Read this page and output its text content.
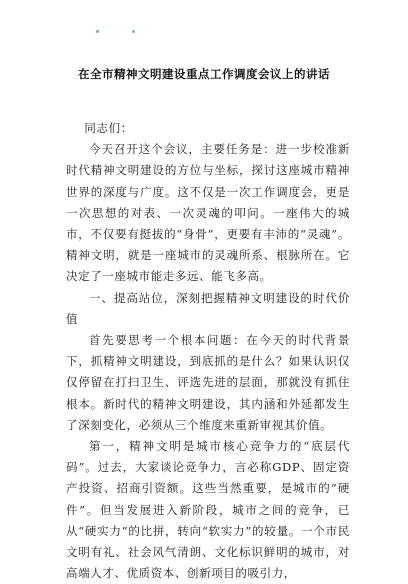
在全市精神文明建设重点工作调度会议上的讲话

同志们：

今天召开这个会议，主要任务是：进一步校准新时代精神文明建设的方位与坐标，探讨这座城市精神世界的深度与广度。这不仅是一次工作调度会，更是一次思想的对表、一次灵魂的叩问。一座伟大的城市，不仅要有挺拔的“身骨”，更要有丰沛的“灵魂”。精神文明，就是一座城市的灵魂所系、根脉所在。它决定了一座城市能走多远、能飞多高。

一、提高站位，深刻把握精神文明建设的时代价值

首先要思考一个根本问题：在今天的时代背景下，抓精神文明建设，到底抓的是什么？如果认识仅仅停留在打扫卫生、评选先进的层面，那就没有抓住根本。新时代的精神文明建设，其内涵和外延都发生了深刻变化，必须从三个维度来重新审视其价值。

第一，精神文明是城市核心竞争力的“底层代码”。过去，大家谈论竞争力，言必称GDP、固定资产投资、招商引资额。这些当然重要，是城市的“硬件”。但当发展进入新阶段，城市之间的竞争，已从“硬实力”的比拼，转向“软实力”的较量。一个市民文明有礼、社会风气清朗、文化标识鲜明的城市，对高端人才、优质资本、创新项目的吸引力，
